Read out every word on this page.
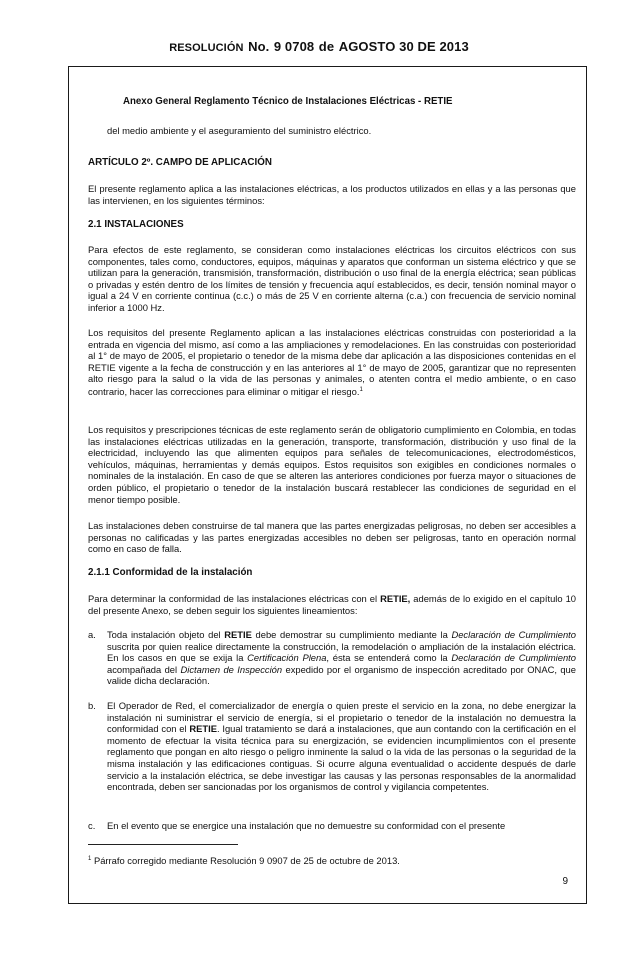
RESOLUCIÓN No. 9 0708 de AGOSTO 30 DE 2013
Anexo General Reglamento Técnico de Instalaciones Eléctricas - RETIE
del medio ambiente y el aseguramiento del suministro eléctrico.
ARTÍCULO 2º. CAMPO DE APLICACIÓN
El presente reglamento aplica a las instalaciones eléctricas, a los productos utilizados en ellas y a las personas que las intervienen, en los siguientes términos:
2.1 INSTALACIONES
Para efectos de este reglamento, se consideran como instalaciones eléctricas los circuitos eléctricos con sus componentes, tales como, conductores, equipos, máquinas y aparatos que conforman un sistema eléctrico y que se utilizan para la generación, transmisión, transformación, distribución o uso final de la energía eléctrica; sean públicas o privadas y estén dentro de los límites de tensión y frecuencia aquí establecidos, es decir, tensión nominal mayor o igual a 24 V en corriente continua (c.c.) o más de 25 V en corriente alterna (c.a.) con frecuencia de servicio nominal inferior a 1000 Hz.
Los requisitos del presente Reglamento aplican a las instalaciones eléctricas construidas con posterioridad a la entrada en vigencia del mismo, así como a las ampliaciones y remodelaciones. En las construidas con posterioridad al 1° de mayo de 2005, el propietario o tenedor de la misma debe dar aplicación a las disposiciones contenidas en el RETIE vigente a la fecha de construcción y en las anteriores al 1° de mayo de 2005, garantizar que no representen alto riesgo para la salud o la vida de las personas y animales, o atenten contra el medio ambiente, o en caso contrario, hacer las correcciones para eliminar o mitigar el riesgo.$^1$
Los requisitos y prescripciones técnicas de este reglamento serán de obligatorio cumplimiento en Colombia, en todas las instalaciones eléctricas utilizadas en la generación, transporte, transformación, distribución y uso final de la electricidad, incluyendo las que alimenten equipos para señales de telecomunicaciones, electrodomésticos, vehículos, máquinas, herramientas y demás equipos. Estos requisitos son exigibles en condiciones normales o nominales de la instalación. En caso de que se alteren las anteriores condiciones por fuerza mayor o situaciones de orden público, el propietario o tenedor de la instalación buscará restablecer las condiciones de seguridad en el menor tiempo posible.
Las instalaciones deben construirse de tal manera que las partes energizadas peligrosas, no deben ser accesibles a personas no calificadas y las partes energizadas accesibles no deben ser peligrosas, tanto en operación normal como en caso de falla.
2.1.1 Conformidad de la instalación
Para determinar la conformidad de las instalaciones eléctricas con el RETIE, además de lo exigido en el capítulo 10 del presente Anexo, se deben seguir los siguientes lineamientos:
a. Toda instalación objeto del RETIE debe demostrar su cumplimiento mediante la Declaración de Cumplimiento suscrita por quien realice directamente la construcción, la remodelación o ampliación de la instalación eléctrica. En los casos en que se exija la Certificación Plena, ésta se entenderá como la Declaración de Cumplimiento acompañada del Dictamen de Inspección expedido por el organismo de inspección acreditado por ONAC, que valide dicha declaración.
b. El Operador de Red, el comercializador de energía o quien preste el servicio en la zona, no debe energizar la instalación ni suministrar el servicio de energía, si el propietario o tenedor de la instalación no demuestra la conformidad con el RETIE. Igual tratamiento se dará a instalaciones, que aun contando con la certificación en el momento de efectuar la visita técnica para su energización, se evidencien incumplimientos con el presente reglamento que pongan en alto riesgo o peligro inminente la salud o la vida de las personas o la seguridad de la misma instalación y las edificaciones contiguas. Si ocurre alguna eventualidad o accidente después de darle servicio a la instalación eléctrica, se debe investigar las causas y las personas responsables de la anormalidad encontrada, deben ser sancionadas por los organismos de control y vigilancia competentes.
c. En el evento que se energice una instalación que no demuestre su conformidad con el presente
$^1$ Párrafo corregido mediante Resolución 9 0907 de 25 de octubre de 2013.
9
